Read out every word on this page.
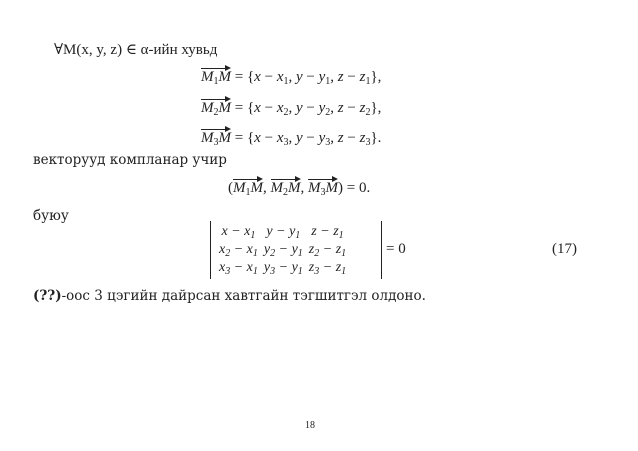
∀M(x, y, z) ∈ α-ийн хувьд
$M_1M = \{x - x_1$, $y - y_1$, $z - z_1$},
$M_2M = \{x - x_2$, $y - y_2$, $z - z_2$},
$M_3M = \{x - x_3$, $y - y_3$, $z - z_3$}.
векторууд компланар учир
($M_1M$, $M_2M$, $M_3M) = 0$.
буюу
$x - x_1$	$y - y_1$	$z - z_1$
$x_2 - x_1$	$y_2 - y_1$	$z_2 - z_1$
$x_3 - x_1$	$y_3 - y_1$	$z_3 - z_1$
= 0	(17)
(??)-оос 3 цэгийн дайрсан хавтгайн тэгшитгэл олдоно.
18
